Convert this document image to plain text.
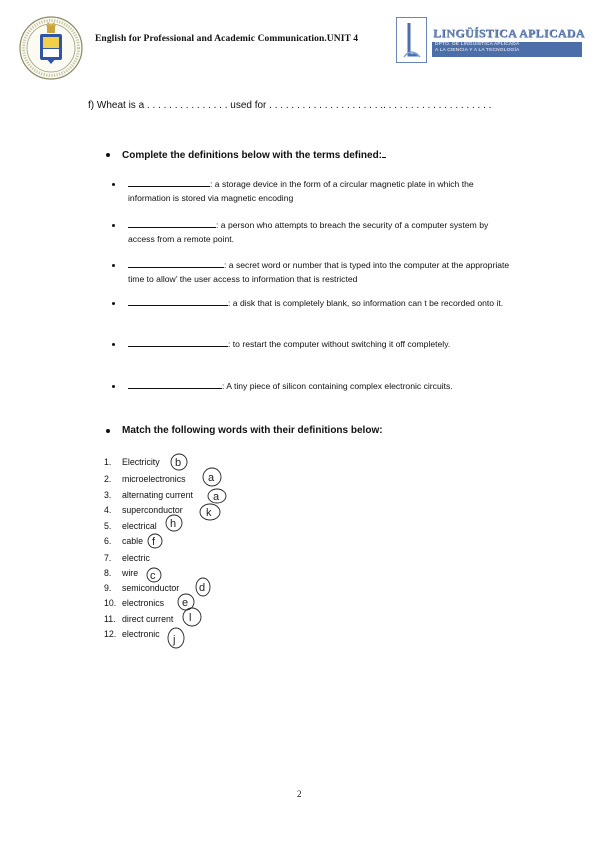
English for Professional and Academic Communication.UNIT 4	LINGÜÍSTICA APLICADA
DPTO. DE LINGÜÍSTICA APLICADA
A LA CIENCIA Y A LA TECNOLOGÍA
f) Wheat is a . . . . . . . . . . . . . . . used for . . . . . . . . . . . . . . . . . . . . .. . . . . . . . . . . . . . . . . . . .
Complete the definitions below with the terms defined:
: a storage device in the form of a circular magnetic plate in which the information is stored via magnetic encoding
: a person who attempts to breach the security of a computer system by access from a remote point.
: a secret word or number that is typed into the computer at the appropriate time to allow’ the user access to information that is restricted
: a disk that is completely blank, so information can t be recorded onto it.
: to restart the computer without switching it off completely.
: A tiny piece of silicon containing complex electronic circuits.
Match the following words with their definitions below:
1. Electricity
2. microelectronics
3. alternating current
4. superconductor
5. electrical
6. cable
7. electric
8. wire
9. semiconductor
10. electronics
11. direct current
12. electronic
b
a
a
k
h
f
c
d
e
l
j
2
